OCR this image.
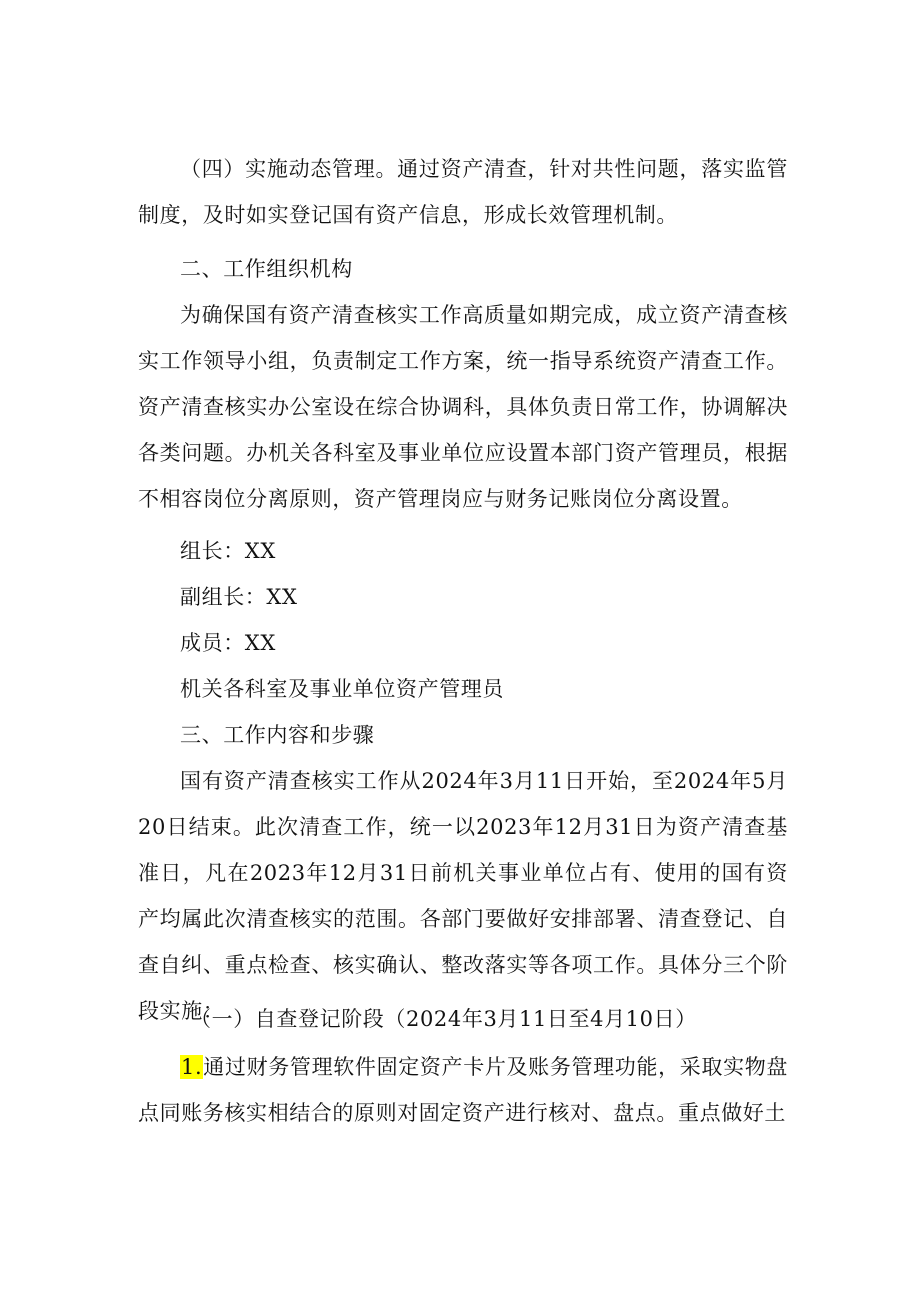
（四）实施动态管理。通过资产清查，针对共性问题，落实监管制度，及时如实登记国有资产信息，形成长效管理机制。

二、工作组织机构

为确保国有资产清查核实工作高质量如期完成，成立资产清查核实工作领导小组，负责制定工作方案，统一指导系统资产清查工作。资产清查核实办公室设在综合协调科，具体负责日常工作，协调解决各类问题。办机关各科室及事业单位应设置本部门资产管理员，根据不相容岗位分离原则，资产管理岗应与财务记账岗位分离设置。

组长：XX

副组长：XX

成员：XX

机关各科室及事业单位资产管理员

三、工作内容和步骤

国有资产清查核实工作从2024年3月11日开始，至2024年5月20日结束。此次清查工作，统一以2023年12月31日为资产清查基准日，凡在2023年12月31日前机关事业单位占有、使用的国有资产均属此次清查核实的范围。各部门要做好安排部署、清查登记、自查自纠、重点检查、核实确认、整改落实等各项工作。具体分三个阶段实施：

（一）自查登记阶段（2024年3月11日至4月10日）

1.通过财务管理软件固定资产卡片及账务管理功能，采取实物盘点同账务核实相结合的原则对固定资产进行核对、盘点。重点做好土
